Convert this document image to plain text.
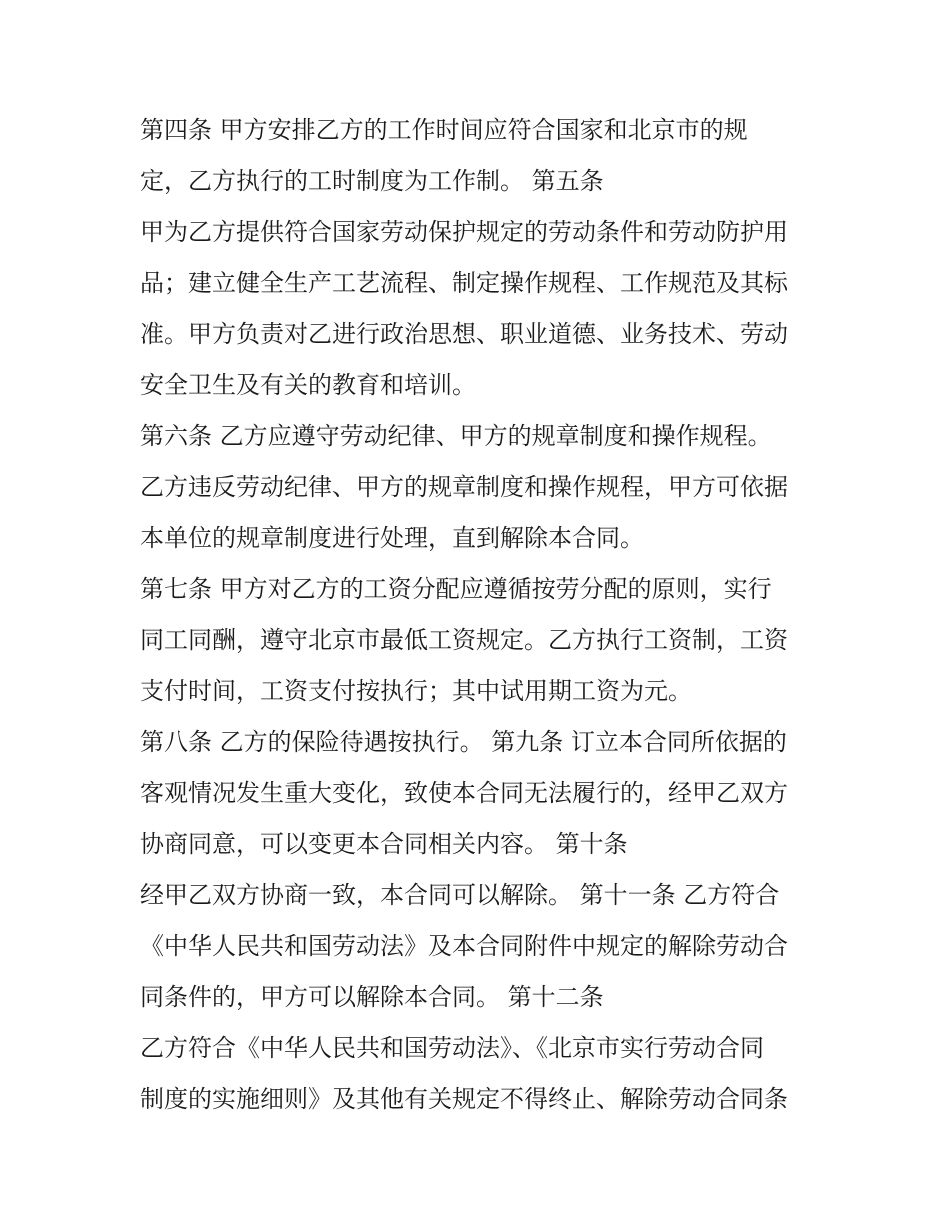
第四条 甲方安排乙方的工作时间应符合国家和北京市的规
定，乙方执行的工时制度为工作制。 第五条
甲为乙方提供符合国家劳动保护规定的劳动条件和劳动防护用
品；建立健全生产工艺流程、制定操作规程、工作规范及其标
准。甲方负责对乙进行政治思想、职业道德、业务技术、劳动
安全卫生及有关的教育和培训。
第六条 乙方应遵守劳动纪律、甲方的规章制度和操作规程。
乙方违反劳动纪律、甲方的规章制度和操作规程，甲方可依据
本单位的规章制度进行处理，直到解除本合同。
第七条 甲方对乙方的工资分配应遵循按劳分配的原则，实行
同工同酬，遵守北京市最低工资规定。乙方执行工资制，工资
支付时间，工资支付按执行；其中试用期工资为元。
第八条 乙方的保险待遇按执行。 第九条 订立本合同所依据的
客观情况发生重大变化，致使本合同无法履行的，经甲乙双方
协商同意，可以变更本合同相关内容。 第十条
经甲乙双方协商一致，本合同可以解除。 第十一条 乙方符合
《中华人民共和国劳动法》及本合同附件中规定的解除劳动合
同条件的，甲方可以解除本合同。 第十二条
乙方符合《中华人民共和国劳动法》、《北京市实行劳动合同
制度的实施细则》及其他有关规定不得终止、解除劳动合同条
